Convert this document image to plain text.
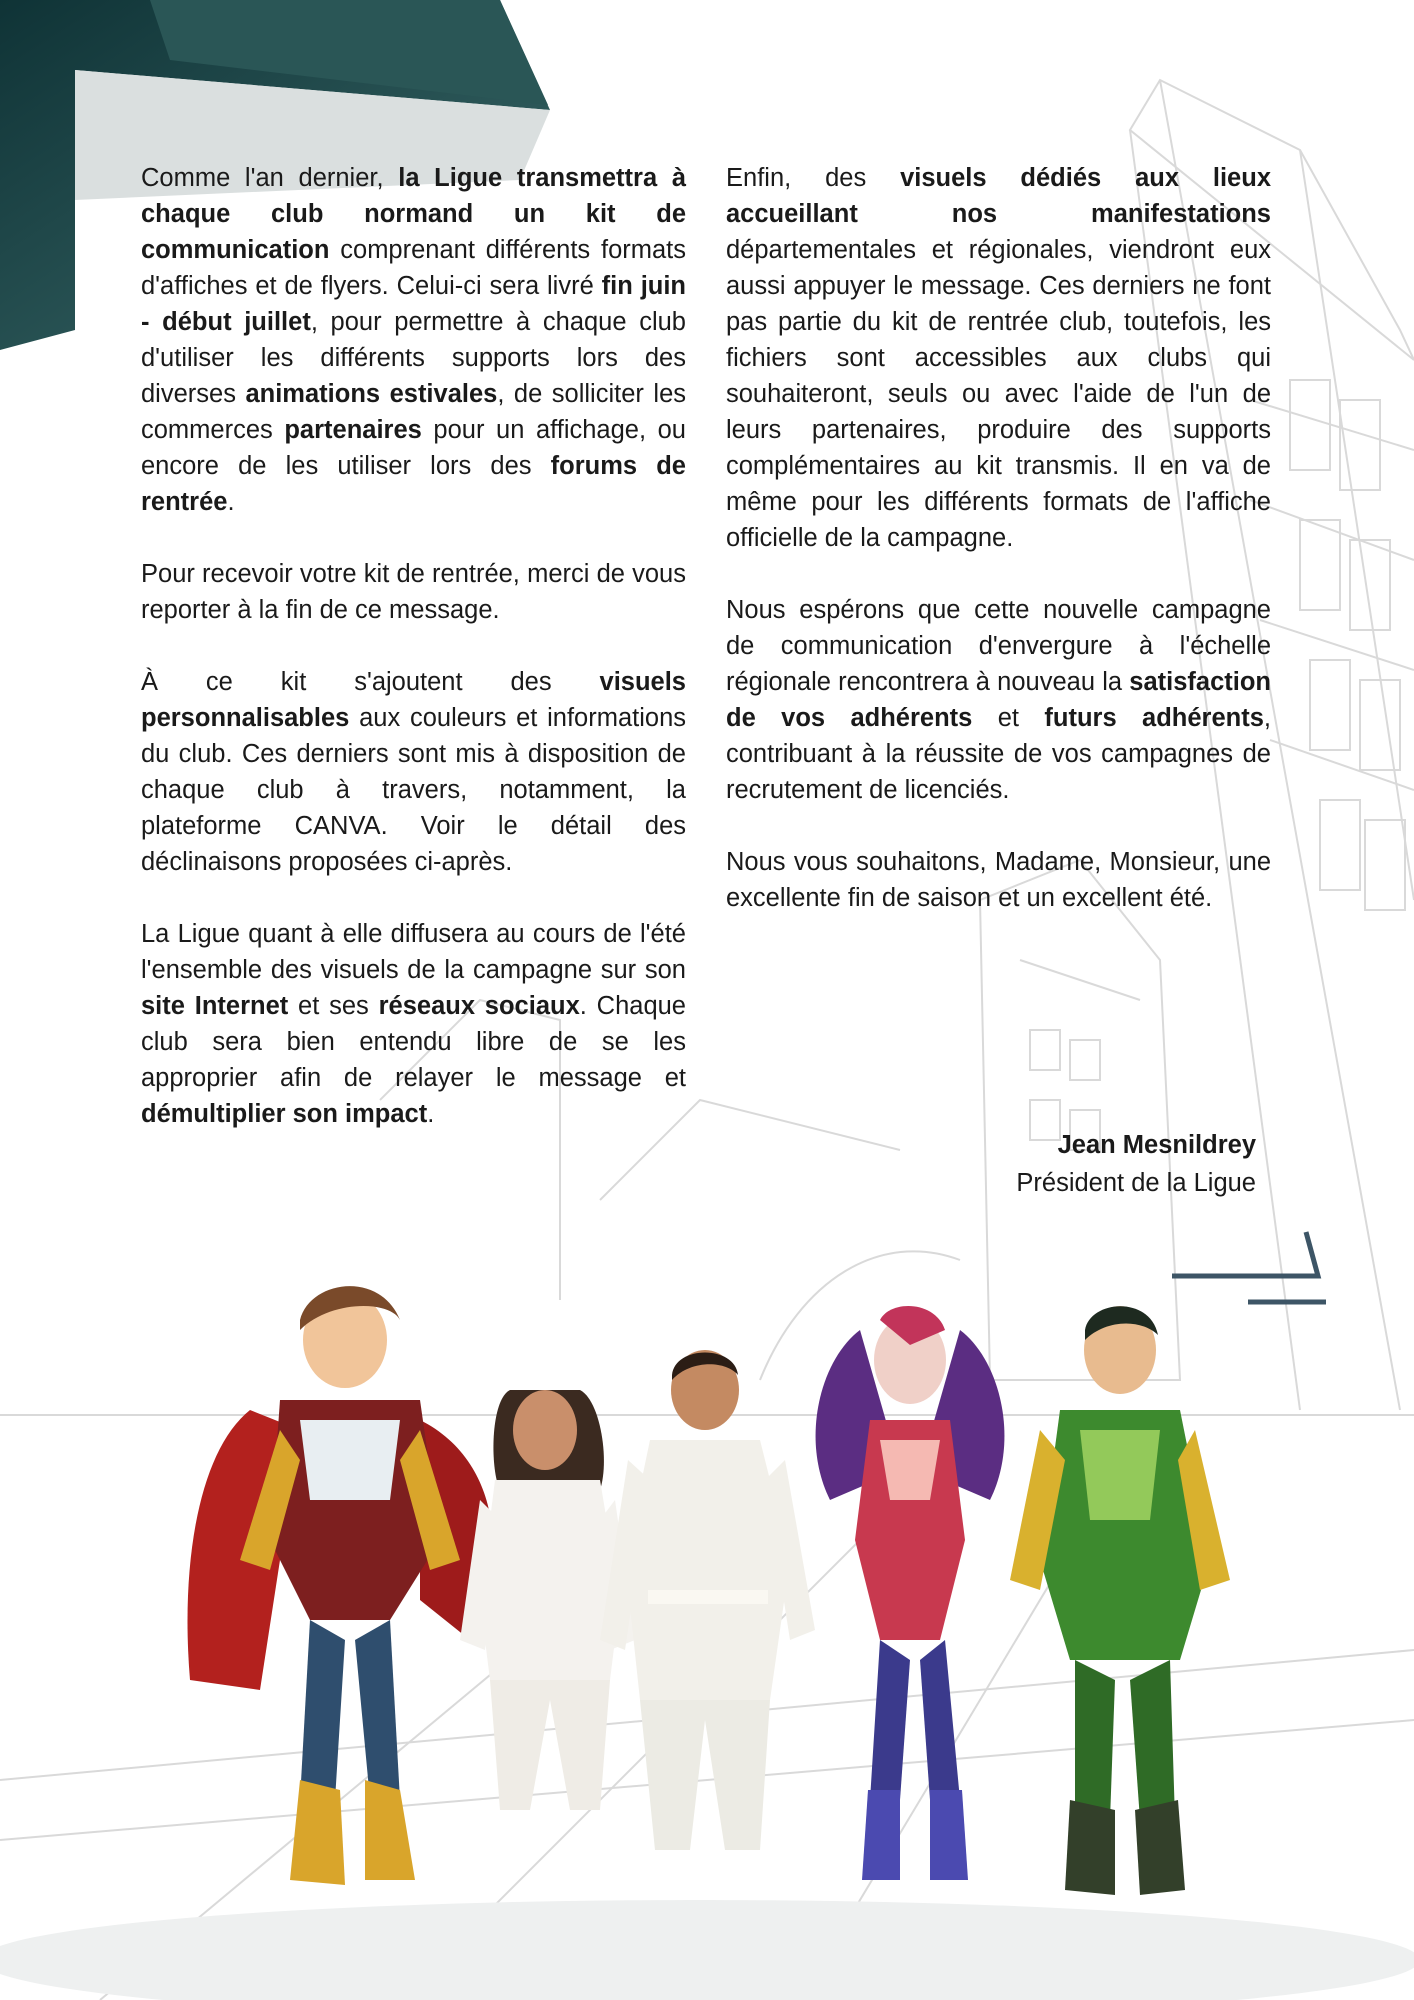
Comme l'an dernier, la Ligue transmettra à chaque club normand un kit de communication comprenant différents formats d'affiches et de flyers. Celui-ci sera livré fin juin - début juillet, pour permettre à chaque club d'utiliser les différents supports lors des diverses animations estivales, de solliciter les commerces partenaires pour un affichage, ou encore de les utiliser lors des forums de rentrée.

Pour recevoir votre kit de rentrée, merci de vous reporter à la fin de ce message.

À ce kit s'ajoutent des visuels personnalisables aux couleurs et informations du club. Ces derniers sont mis à disposition de chaque club à travers, notamment, la plateforme CANVA. Voir le détail des déclinaisons proposées ci-après.

La Ligue quant à elle diffusera au cours de l'été l'ensemble des visuels de la campagne sur son site Internet et ses réseaux sociaux. Chaque club sera bien entendu libre de se les approprier afin de relayer le message et démultiplier son impact.

Enfin, des visuels dédiés aux lieux accueillant nos manifestations départementales et régionales, viendront eux aussi appuyer le message. Ces derniers ne font pas partie du kit de rentrée club, toutefois, les fichiers sont accessibles aux clubs qui souhaiteront, seuls ou avec l'aide de l'un de leurs partenaires, produire des supports complémentaires au kit transmis. Il en va de même pour les différents formats de l'affiche officielle de la campagne.

Nous espérons que cette nouvelle campagne de communication d'envergure à l'échelle régionale rencontrera à nouveau la satisfaction de vos adhérents et futurs adhérents, contribuant à la réussite de vos campagnes de recrutement de licenciés.

Nous vous souhaitons, Madame, Monsieur, une excellente fin de saison et un excellent été.

Jean Mesnildrey
Président de la Ligue
